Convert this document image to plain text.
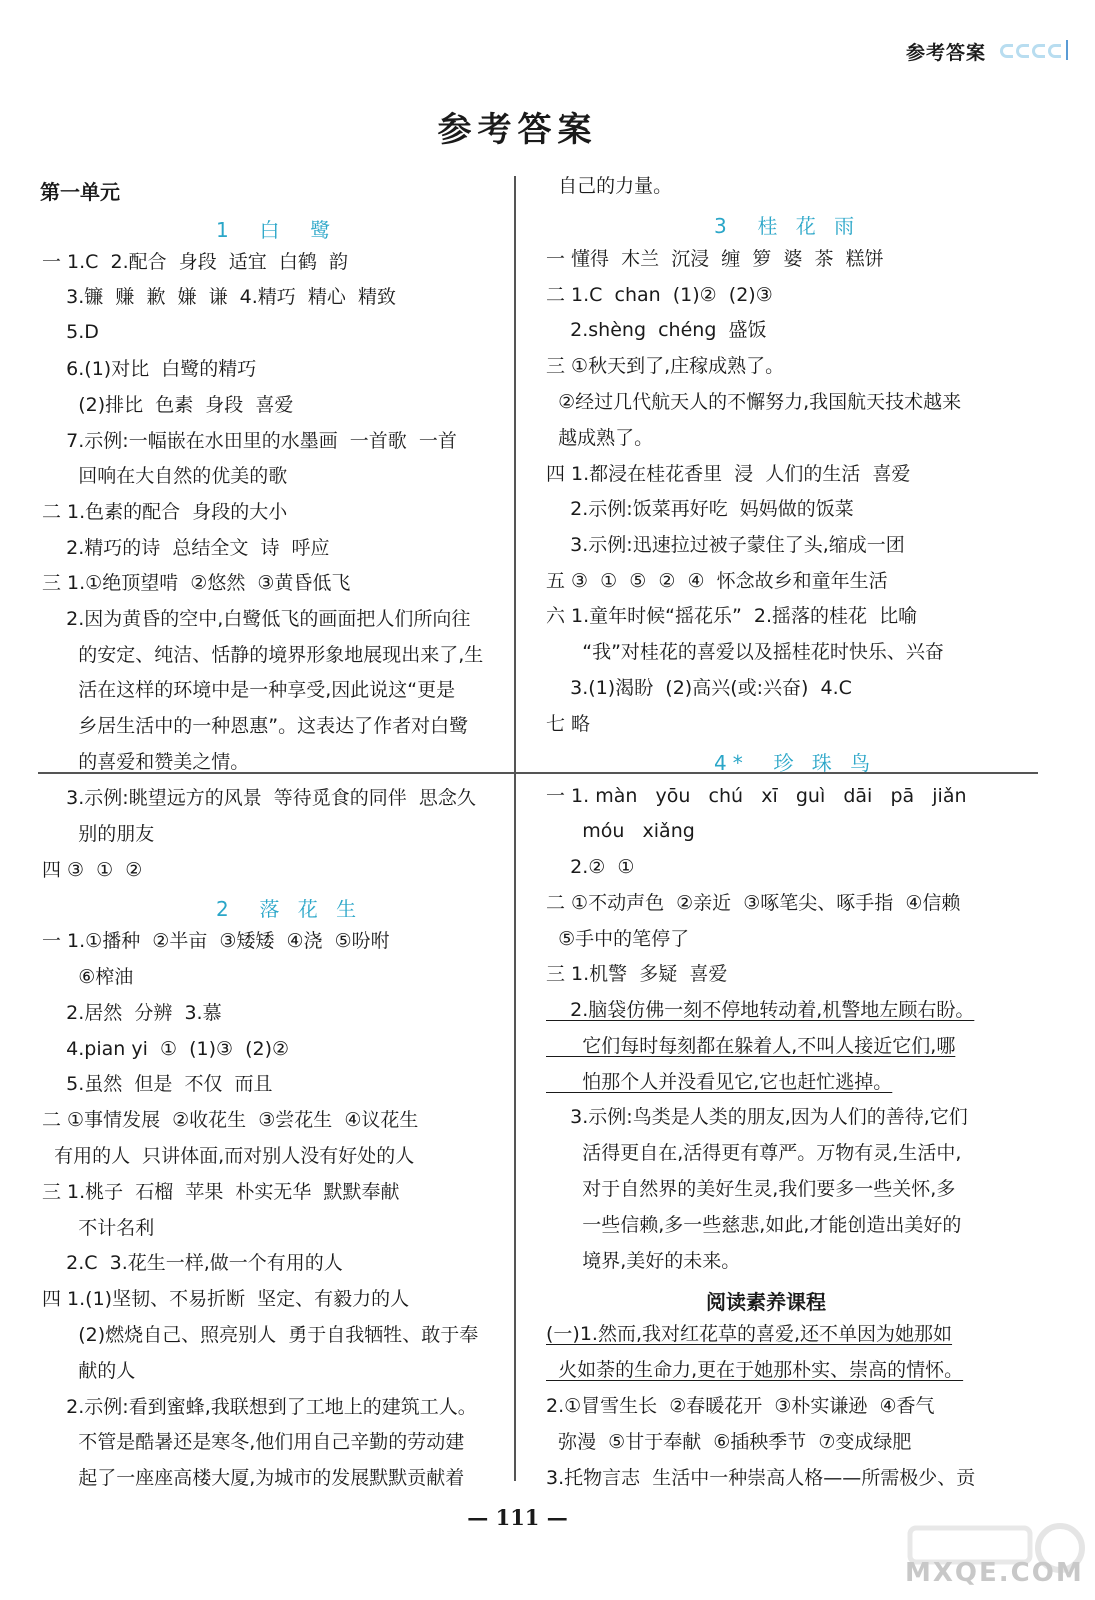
参考答案
参考答案
第一单元
1  白  鹭
一 1.C  2.配合  身段  适宜  白鹤  韵
3.镰  赚  歉  嫌  谦  4.精巧  精心  精致
5.D
6.(1)对比  白鹭的精巧
(2)排比  色素  身段  喜爱
7.示例:一幅嵌在水田里的水墨画  一首歌  一首
回响在大自然的优美的歌
二 1.色素的配合  身段的大小
2.精巧的诗  总结全文  诗  呼应
三 1.①绝顶望啃  ②悠然  ③黄昏低飞
2.因为黄昏的空中,白鹭低飞的画面把人们所向往
的安定、纯洁、恬静的境界形象地展现出来了,生
活在这样的环境中是一种享受,因此说这“更是
乡居生活中的一种恩惠”。这表达了作者对白鹭
的喜爱和赞美之情。
3.示例:眺望远方的风景  等待觅食的同伴  思念久
别的朋友
四 ③  ①  ②
2  落 花 生
一 1.①播种  ②半亩  ③矮矮  ④浇  ⑤吩咐
⑥榨油
2.居然  分辨  3.慕
4.pian yi  ①  (1)③  (2)②
5.虽然  但是  不仅  而且
二 ①事情发展  ②收花生  ③尝花生  ④议花生
有用的人  只讲体面,而对别人没有好处的人
三 1.桃子  石榴  苹果  朴实无华  默默奉献
不计名利
2.C  3.花生一样,做一个有用的人
四 1.(1)坚韧、不易折断  坚定、有毅力的人
(2)燃烧自己、照亮别人  勇于自我牺牲、敢于奉
献的人
2.示例:看到蜜蜂,我联想到了工地上的建筑工人。
不管是酷暑还是寒冬,他们用自己辛勤的劳动建
起了一座座高楼大厦,为城市的发展默默贡献着
自己的力量。
3  桂 花 雨
一 懂得  木兰  沉浸  缠  箩  婆  茶  糕饼
二 1.C  chan  (1)②  (2)③
2.shèng  chéng  盛饭
三 ①秋天到了,庄稼成熟了。
②经过几代航天人的不懈努力,我国航天技术越来
越成熟了。
四 1.都浸在桂花香里  浸  人们的生活  喜爱
2.示例:饭菜再好吃  妈妈做的饭菜
3.示例:迅速拉过被子蒙住了头,缩成一团
五 ③  ①  ⑤  ②  ④  怀念故乡和童年生活
六 1.童年时候“摇花乐”  2.摇落的桂花  比喻
“我”对桂花的喜爱以及摇桂花时快乐、兴奋
3.(1)渴盼  (2)高兴(或:兴奋)  4.C
七 略
4*  珍 珠 鸟
一 1. màn   yōu   chú   xī   guì   dāi   pā   jiǎn
móu   xiǎng
2.②  ①
二 ①不动声色  ②亲近  ③啄笔尖、啄手指  ④信赖
⑤手中的笔停了
三 1.机警  多疑  喜爱
2.脑袋仿佛一刻不停地转动着,机警地左顾右盼。
它们每时每刻都在躲着人,不叫人接近它们,哪
怕那个人并没看见它,它也赶忙逃掉。
3.示例:鸟类是人类的朋友,因为人们的善待,它们
活得更自在,活得更有尊严。万物有灵,生活中,
对于自然界的美好生灵,我们要多一些关怀,多
一些信赖,多一些慈悲,如此,才能创造出美好的
境界,美好的未来。
阅读素养课程
(一)1.然而,我对红花草的喜爱,还不单因为她那如
火如荼的生命力,更在于她那朴实、崇高的情怀。
2.①冒雪生长  ②春暖花开  ③朴实谦逊  ④香气
弥漫  ⑤甘于奉献  ⑥插秧季节  ⑦变成绿肥
3.托物言志  生活中一种崇高人格——所需极少、贡
— 111 —
MXQE.COM
